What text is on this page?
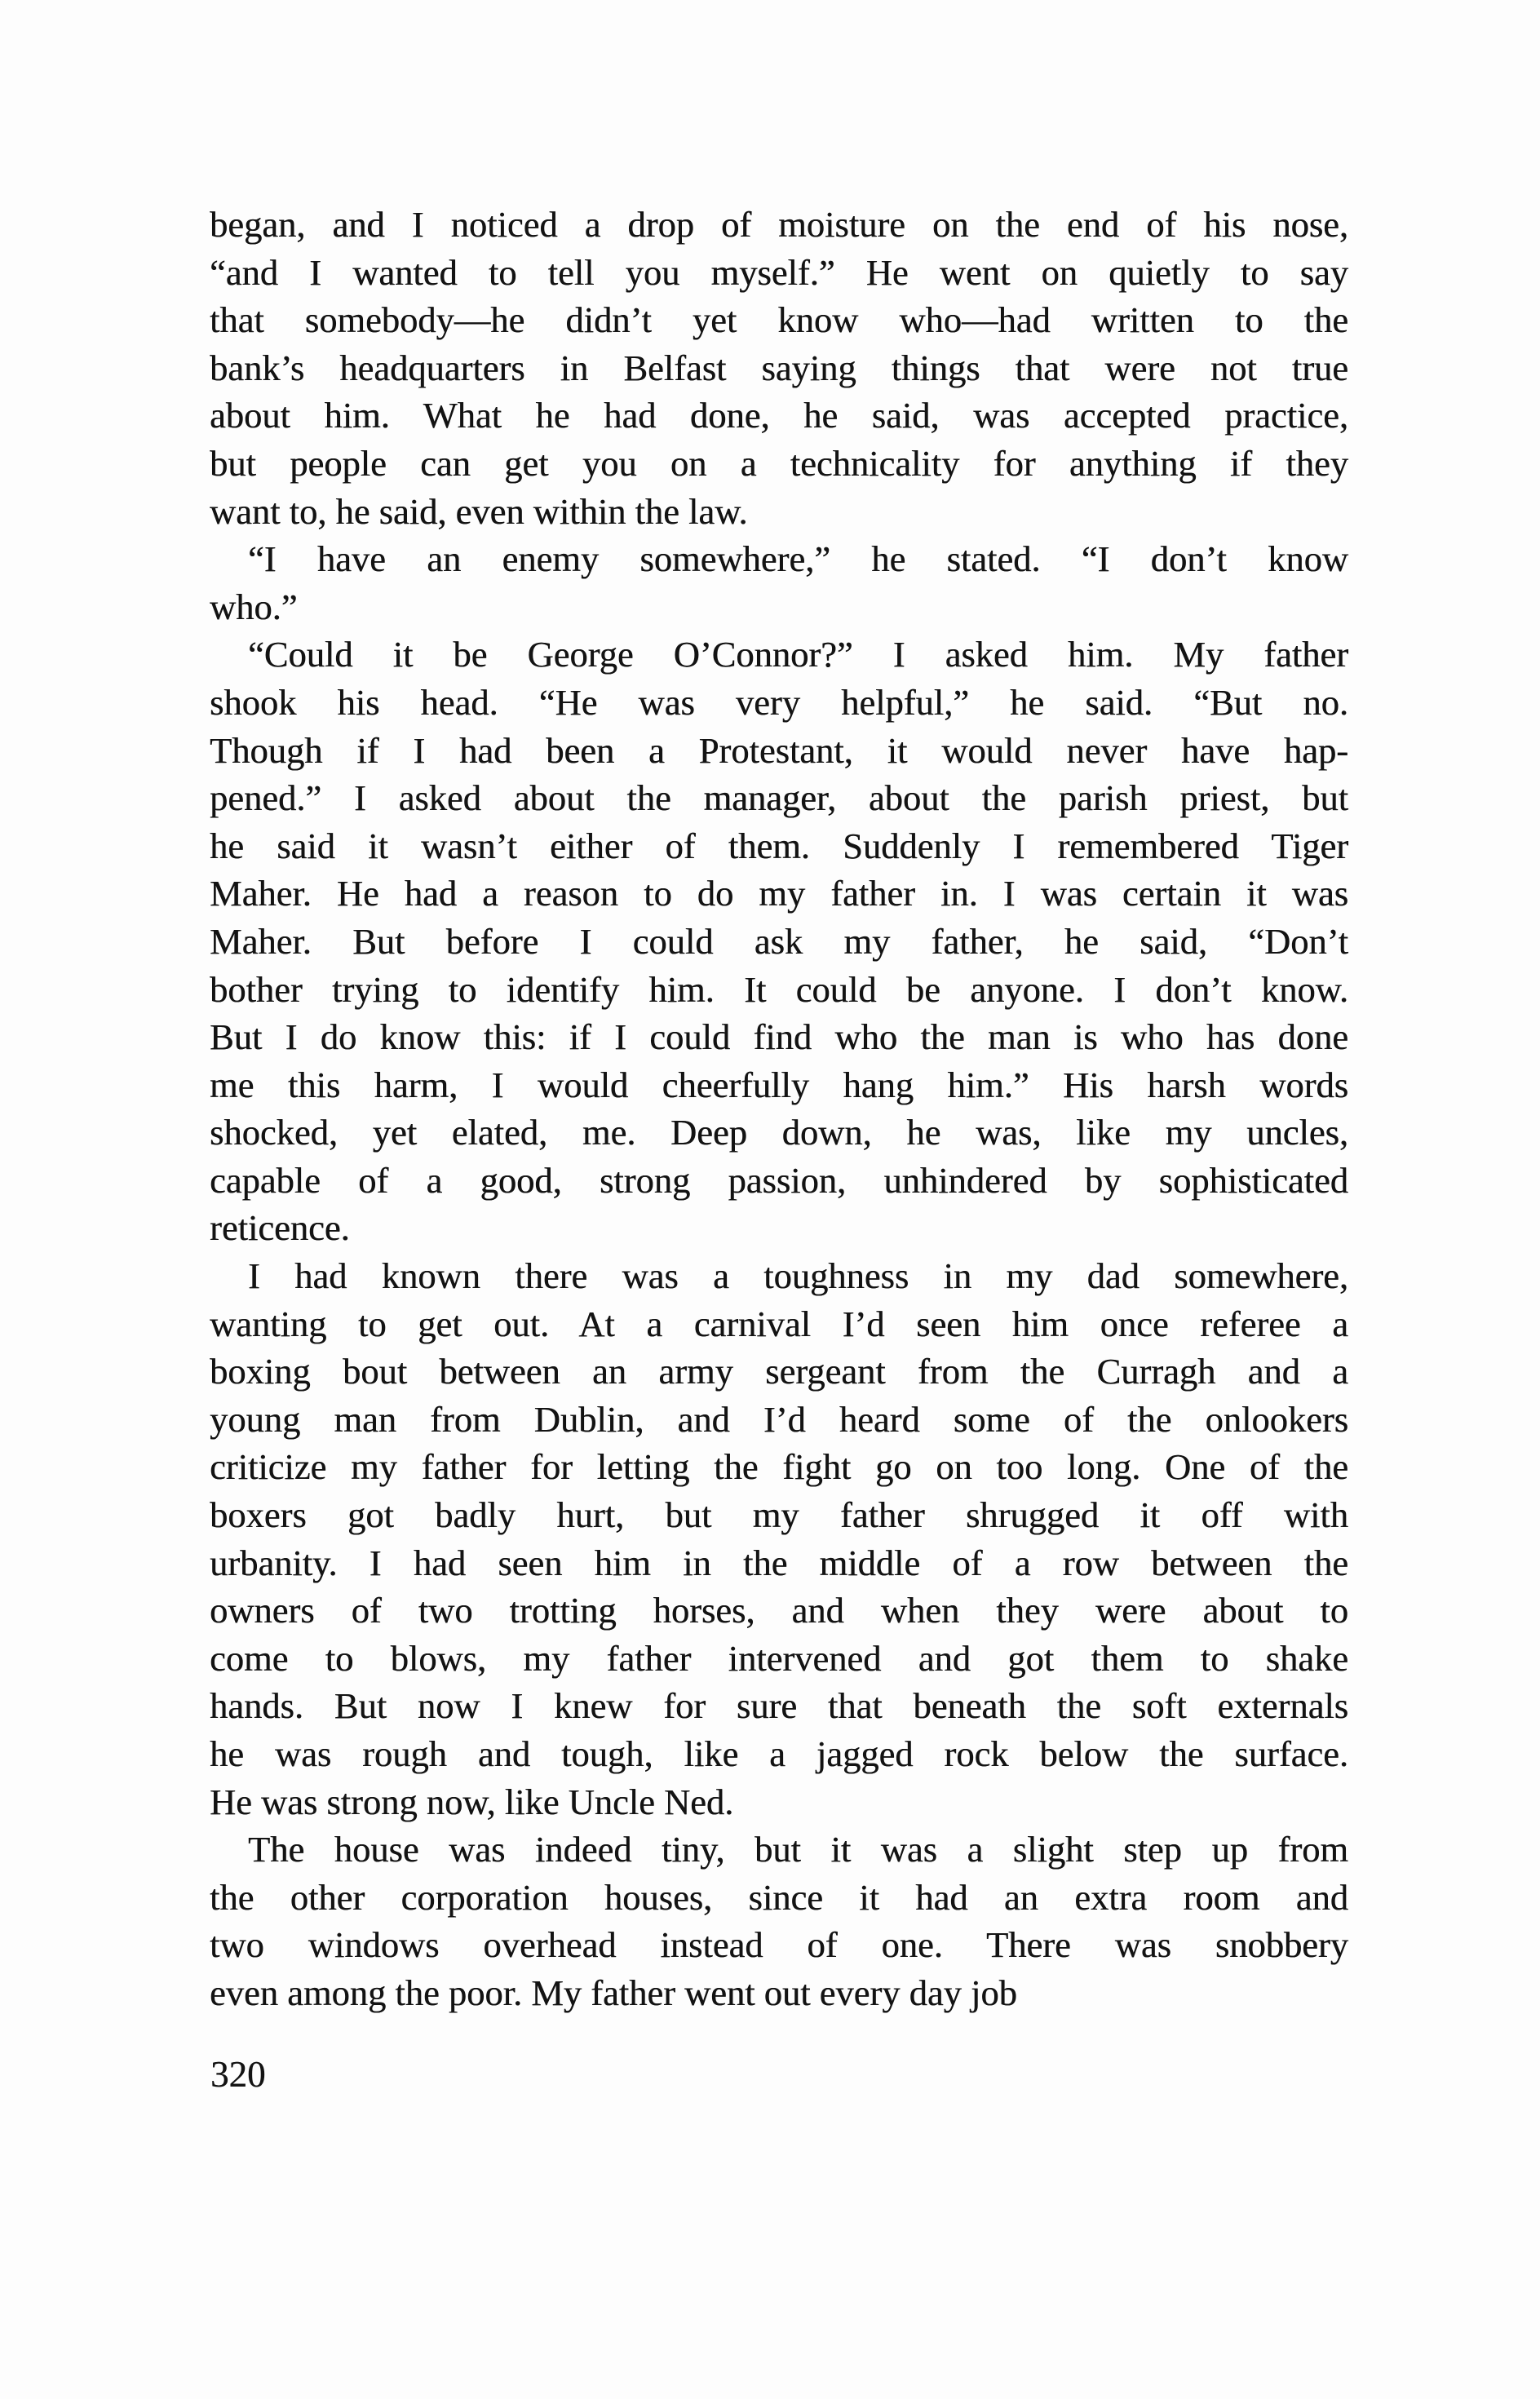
began, and I noticed a drop of moisture on the end of his nose,
“and I wanted to tell you myself.” He went on quietly to say
that somebody—he didn’t yet know who—had written to the
bank’s headquarters in Belfast saying things that were not true
about him. What he had done, he said, was accepted practice,
but people can get you on a technicality for anything if they
want to, he said, even within the law.
“I have an enemy somewhere,” he stated. “I don’t know
who.”
“Could it be George O’Connor?” I asked him. My father
shook his head. “He was very helpful,” he said. “But no.
Though if I had been a Protestant, it would never have hap-
pened.” I asked about the manager, about the parish priest, but
he said it wasn’t either of them. Suddenly I remembered Tiger
Maher. He had a reason to do my father in. I was certain it was
Maher. But before I could ask my father, he said, “Don’t
bother trying to identify him. It could be anyone. I don’t know.
But I do know this: if I could find who the man is who has done
me this harm, I would cheerfully hang him.” His harsh words
shocked, yet elated, me. Deep down, he was, like my uncles,
capable of a good, strong passion, unhindered by sophisticated
reticence.
I had known there was a toughness in my dad somewhere,
wanting to get out. At a carnival I’d seen him once referee a
boxing bout between an army sergeant from the Curragh and a
young man from Dublin, and I’d heard some of the onlookers
criticize my father for letting the fight go on too long. One of the
boxers got badly hurt, but my father shrugged it off with
urbanity. I had seen him in the middle of a row between the
owners of two trotting horses, and when they were about to
come to blows, my father intervened and got them to shake
hands. But now I knew for sure that beneath the soft externals
he was rough and tough, like a jagged rock below the surface.
He was strong now, like Uncle Ned.
The house was indeed tiny, but it was a slight step up from
the other corporation houses, since it had an extra room and
two windows overhead instead of one. There was snobbery
even among the poor. My father went out every day job
320
